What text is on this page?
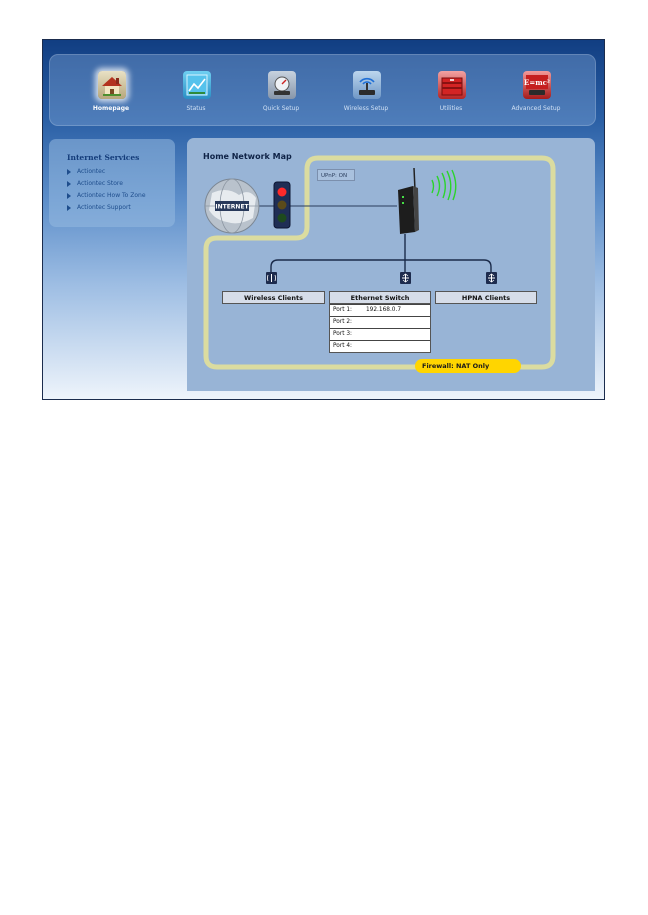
Homepage	Status	Quick Setup	Wireless Setup	Utilities
E=mc²
Advanced Setup
Internet Services
Actiontec
Actiontec Store
Actiontec How To Zone
Actiontec Support
Home Network Map
INTERNET
UPnP: ON
Wireless Clients	Ethernet Switch	HPNA Clients
Port 1: 192.168.0.7
Port 2:
Port 3:
Port 4:
Firewall: NAT Only
